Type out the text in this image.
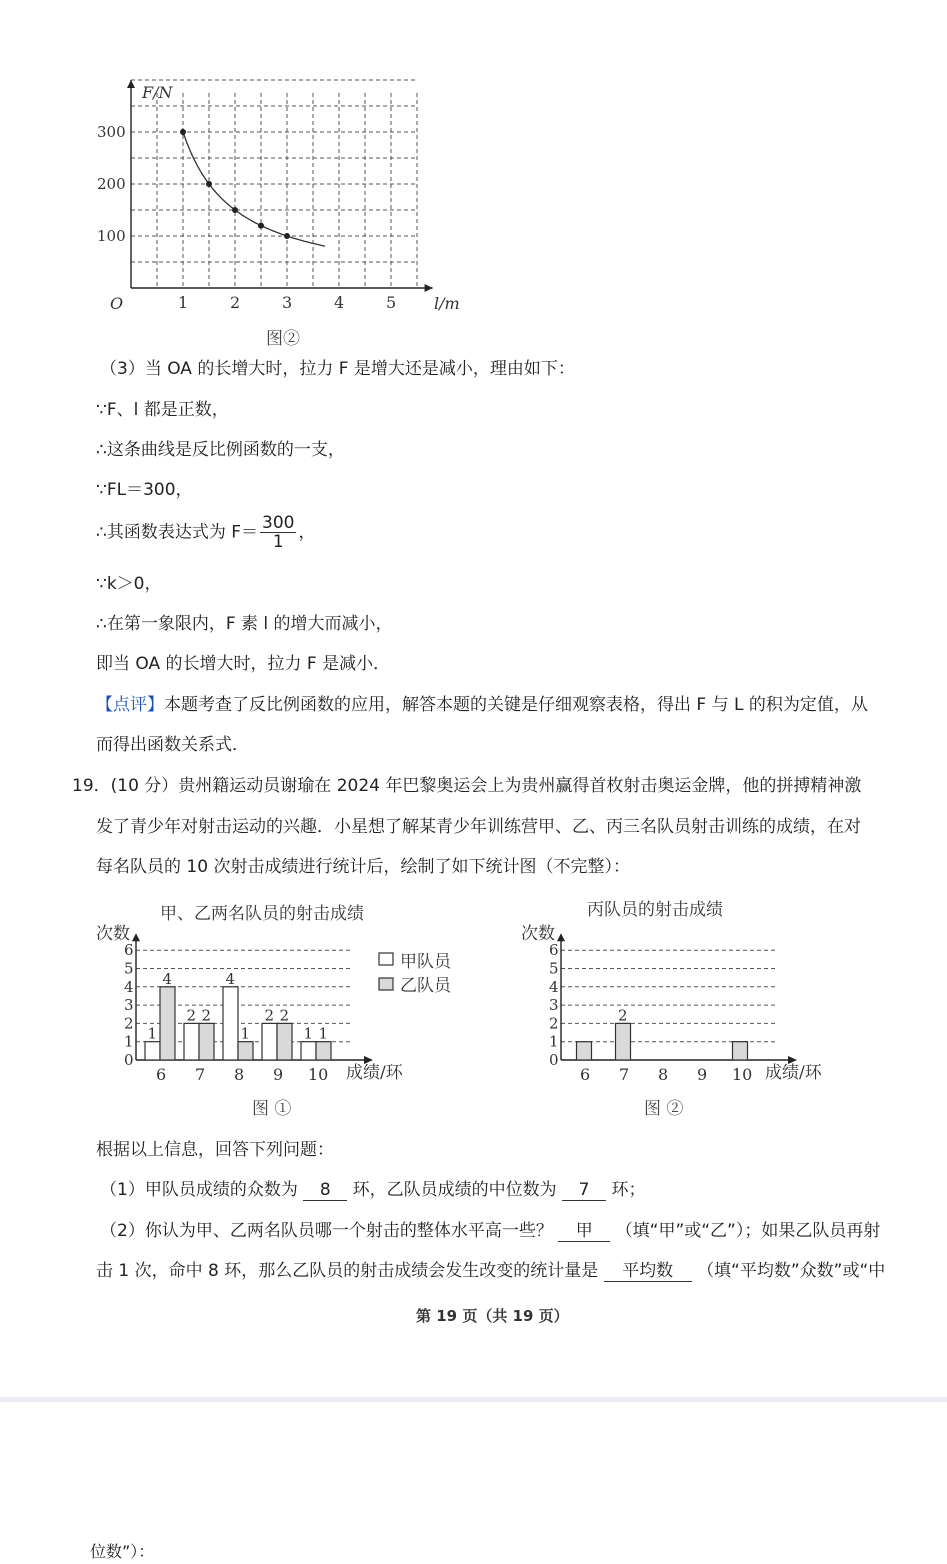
F/N
l/m
O	1	2	3	4	5
100
200
300
图②
（3）当 OA 的长增大时，拉力 F 是增大还是减小，理由如下：
∵F、l 都是正数，
∴这条曲线是反比例函数的一支，
∵FL＝300，
∴其函数表达式为 $F= \frac{300}{1}$ ，
∵k＞0，
∴在第一象限内，F 素 l 的增大而减小，
即当 OA 的长增大时，拉力 F 是减小．
【点评】本题考查了反比例函数的应用，解答本题的关键是仔细观察表格，得出 F 与 L 的积为定值，从
而得出函数关系式．
19．(10 分）贵州籍运动员谢瑜在 2024 年巴黎奥运会上为贵州赢得首枚射击奥运金牌，他的拼搏精神激
发了青少年对射击运动的兴趣．小星想了解某青少年训练营甲、乙、丙三名队员射击训练的成绩，在对
每名队员的 10 次射击成绩进行统计后，绘制了如下统计图（不完整）：
甲、乙两名队员的射击成绩
次数
成绩/环
0
1
2
3
4
5
6
6
1
4
7
2 2
8
4
1
9
2 2
10
1 1
甲队员
乙队员
图 ①
丙队员的射击成绩
次数
成绩/环
0
1
2
3
4
5
6
6 7
2
8 9 10
图 ②
根据以上信息，回答下列问题：
（1）甲队员成绩的众数为 8 环，乙队员成绩的中位数为 7 环；
（2）你认为甲、乙两名队员哪一个射击的整体水平高一些？ 甲 （填“甲”或“乙”）；如果乙队员再射
击 1 次，命中 8 环，那么乙队员的射击成绩会发生改变的统计量是 平均数 （填“平均数”众数”或“中
第 19 页（共 19 页）
位数”）：
